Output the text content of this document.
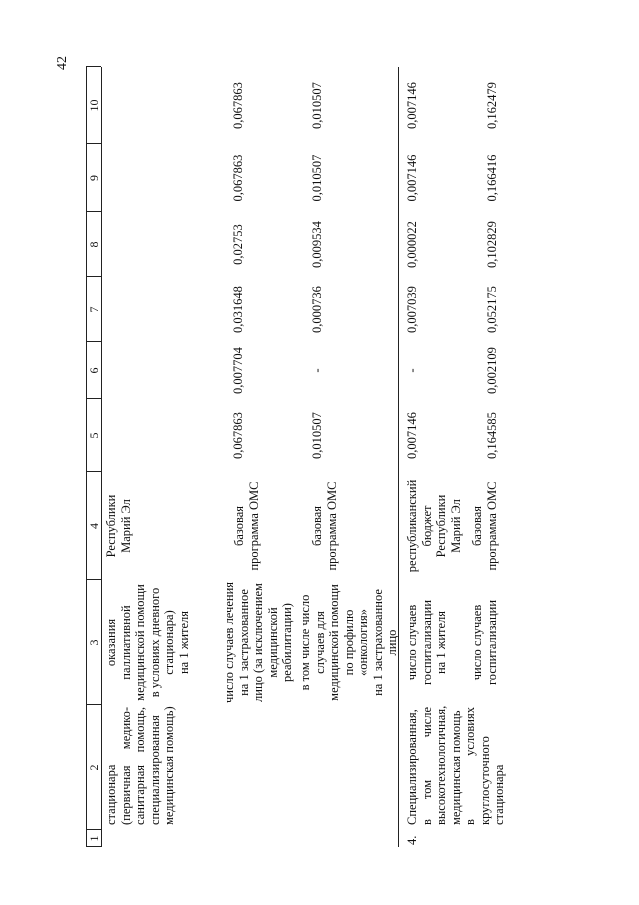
42
1
2
3
4
5
6
7
8
9
10
стационара (первичная
медико-
санитарная
помощь, специализированная медицинская помощь)
оказания паллиативной медицинской помощи в условиях дневного стационара) на 1 жителя
Республики Марий Эл
число случаев лечения на 1 застрахованное лицо (за исключением медицинской реабилитации)
базовая программа ОМС
0,067863
0,007704
0,031648
0,02753
0,067863
0,067863
в том числе число случаев для медицинской помощи по профилю «онкология» на 1 застрахованное лицо
базовая программа ОМС
0,010507
-
0,000736
0,009534
0,010507
0,010507
4.
Специализированная, в
том
числе высокотехнологичная, медицинская помощь в
условиях
круглосуточного стационара
число случаев госпитализации на 1 жителя
республиканский бюджет Республики Марий Эл
0,007146
-
0,007039
0,000022
0,007146
0,007146
число случаев госпитализации
базовая программа ОМС
0,164585
0,002109
0,052175
0,102829
0,166416
0,162479
